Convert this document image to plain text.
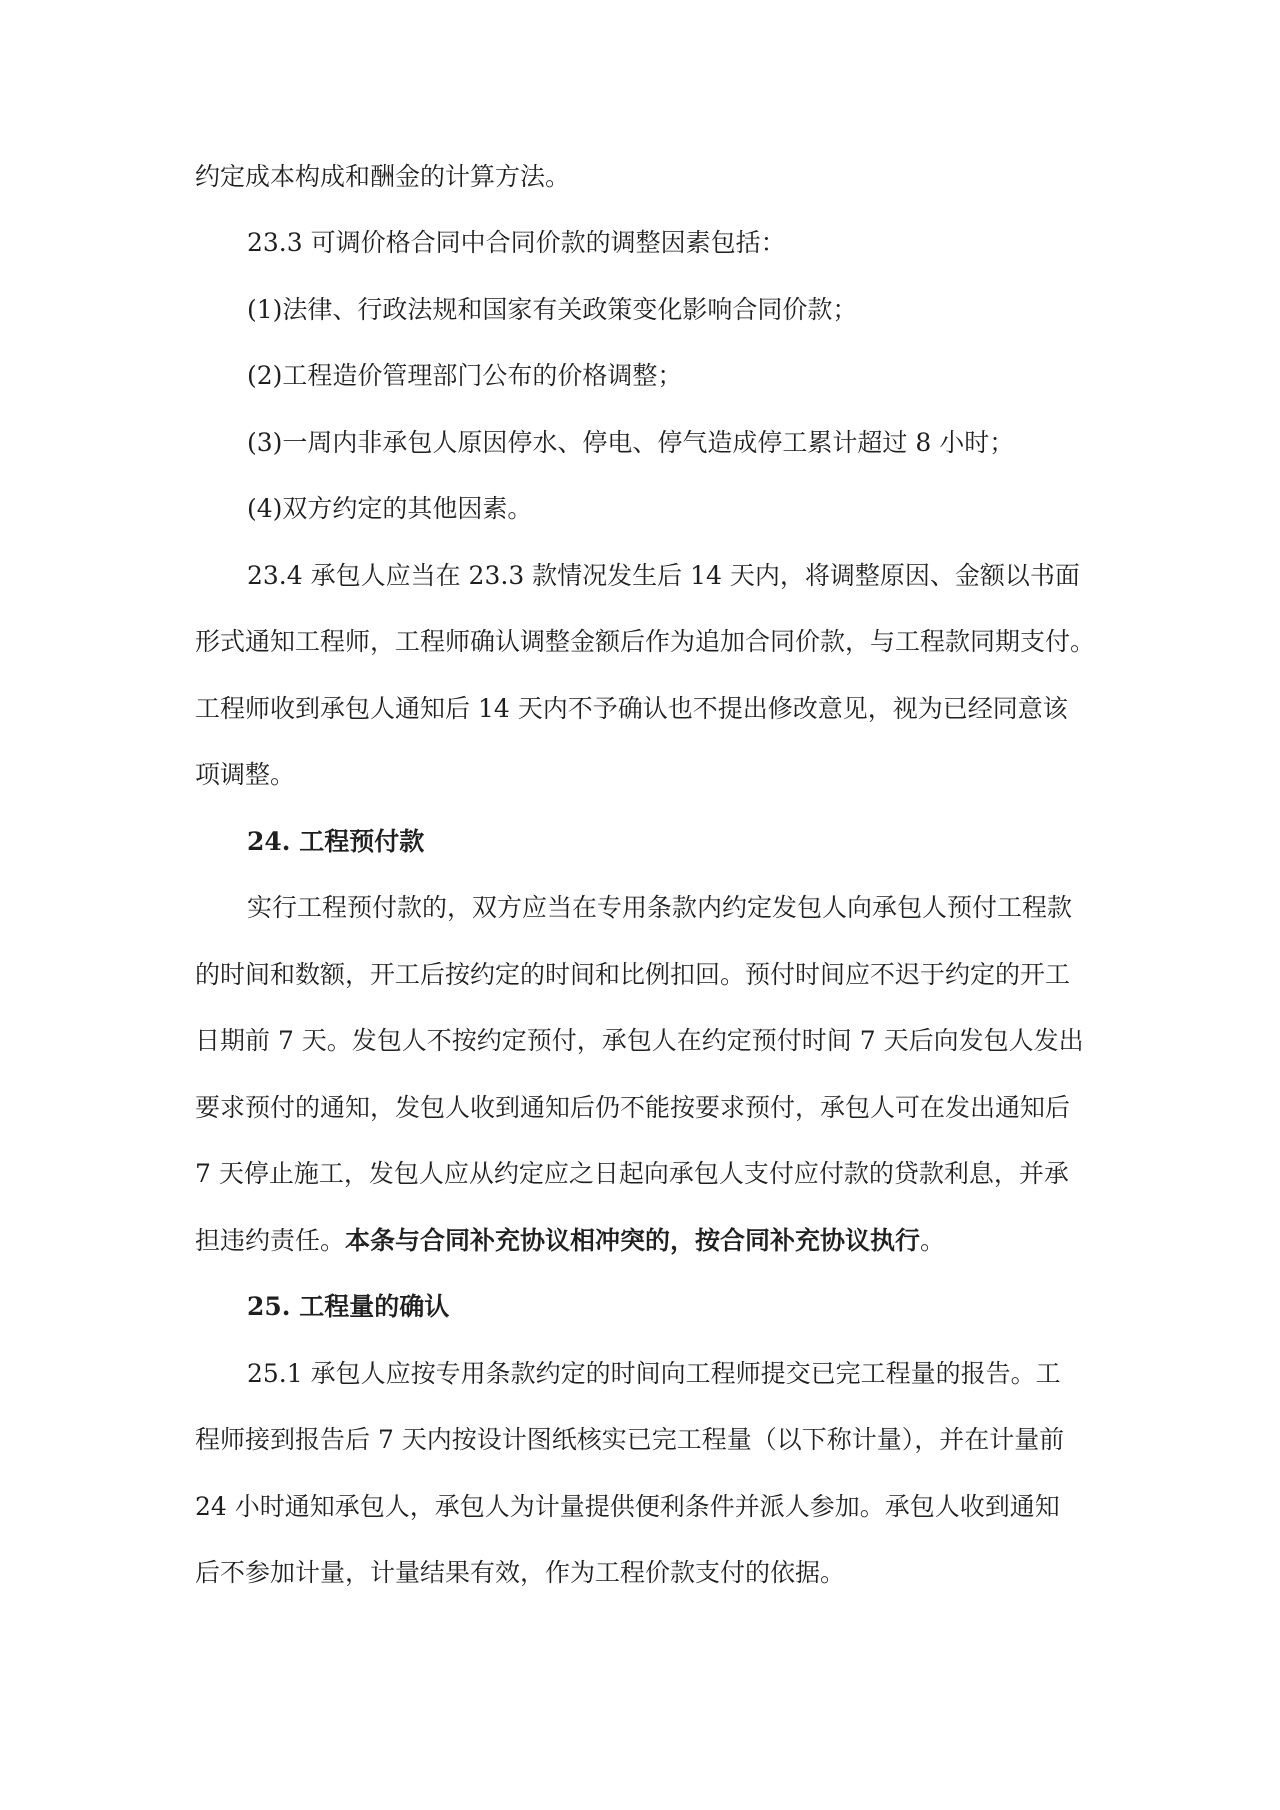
约定成本构成和酬金的计算方法。
23.3 可调价格合同中合同价款的调整因素包括：
(1)法律、行政法规和国家有关政策变化影响合同价款；
(2)工程造价管理部门公布的价格调整；
(3)一周内非承包人原因停水、停电、停气造成停工累计超过 8 小时；
(4)双方约定的其他因素。
23.4 承包人应当在 23.3 款情况发生后 14 天内，将调整原因、金额以书面
形式通知工程师，工程师确认调整金额后作为追加合同价款，与工程款同期支付。
工程师收到承包人通知后 14 天内不予确认也不提出修改意见，视为已经同意该
项调整。
24. 工程预付款
实行工程预付款的，双方应当在专用条款内约定发包人向承包人预付工程款
的时间和数额，开工后按约定的时间和比例扣回。预付时间应不迟于约定的开工
日期前 7 天。发包人不按约定预付，承包人在约定预付时间 7 天后向发包人发出
要求预付的通知，发包人收到通知后仍不能按要求预付，承包人可在发出通知后
7 天停止施工，发包人应从约定应之日起向承包人支付应付款的贷款利息，并承
担违约责任。本条与合同补充协议相冲突的，按合同补充协议执行。
25. 工程量的确认
25.1 承包人应按专用条款约定的时间向工程师提交已完工程量的报告。工
程师接到报告后 7 天内按设计图纸核实已完工程量（以下称计量），并在计量前
24 小时通知承包人，承包人为计量提供便利条件并派人参加。承包人收到通知
后不参加计量，计量结果有效，作为工程价款支付的依据。
